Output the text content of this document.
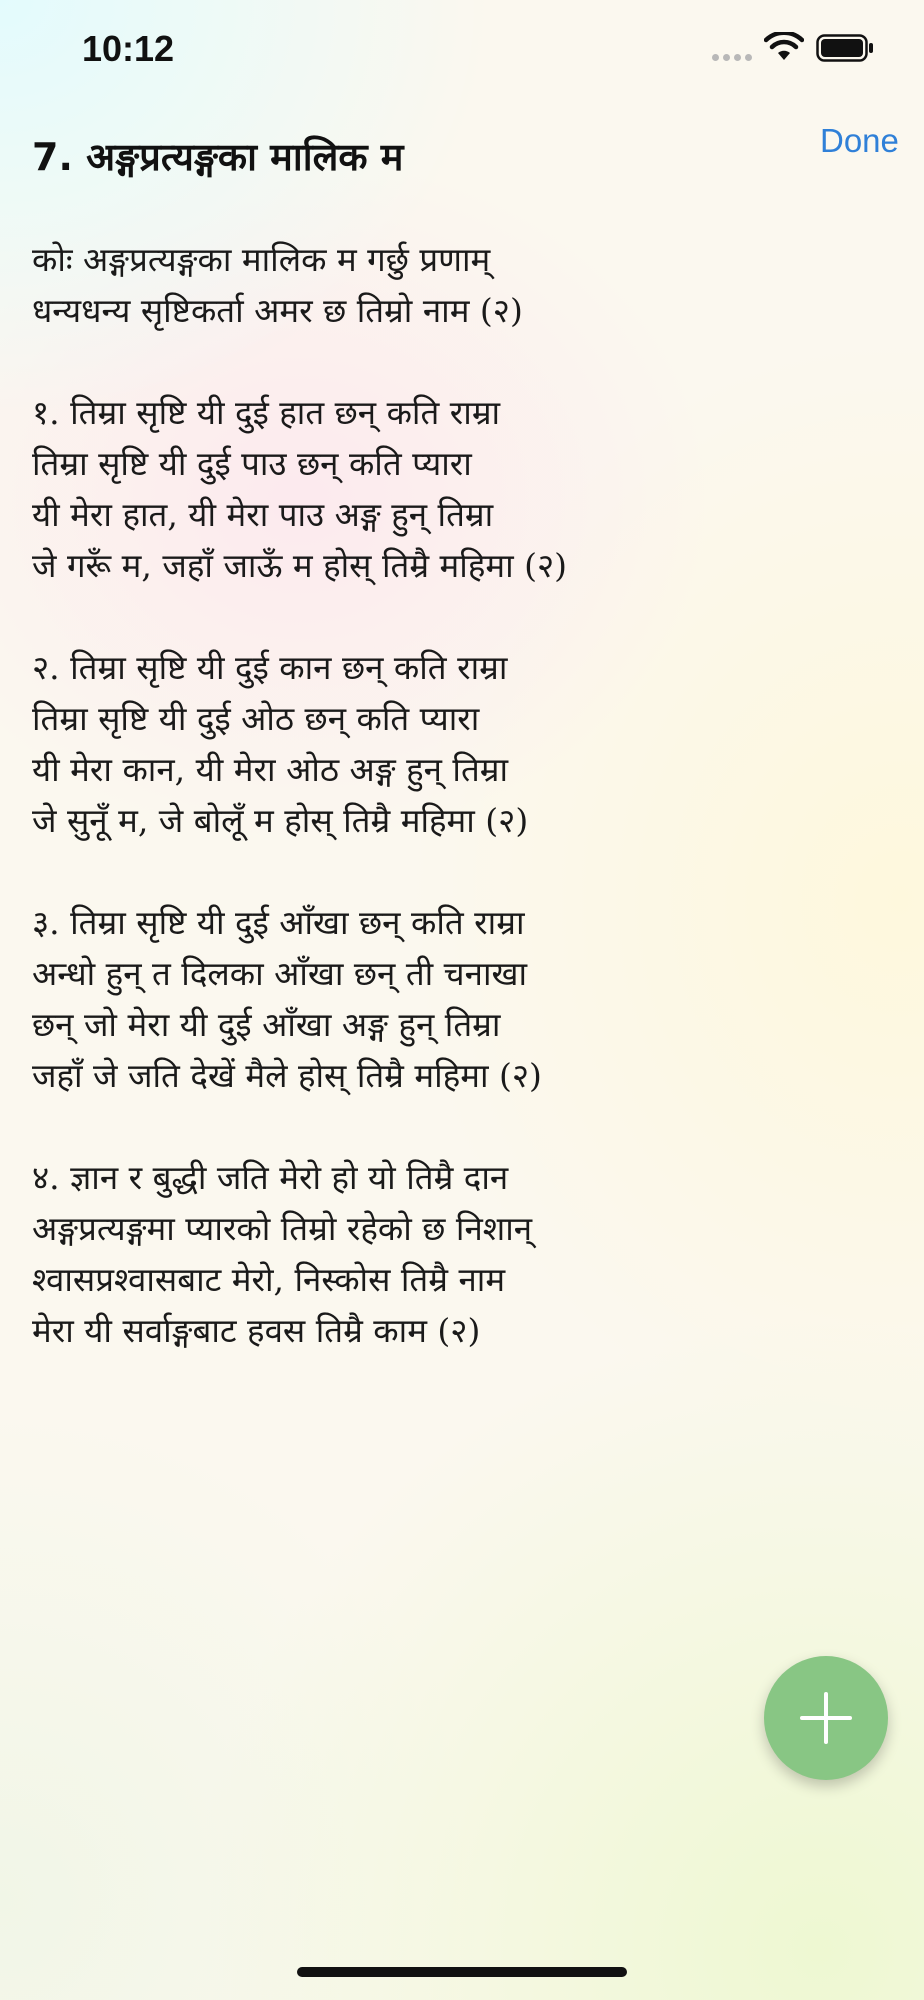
10:12
7. अङ्गप्रत्यङ्गका मालिक म	Done
कोः अङ्गप्रत्यङ्गका मालिक म गर्छु प्रणाम्
धन्यधन्य सृष्टिकर्ता अमर छ तिम्रो नाम (२)
१. तिम्रा सृष्टि यी दुई हात छन् कति राम्रा
तिम्रा सृष्टि यी दुई पाउ छन् कति प्यारा
यी मेरा हात, यी मेरा पाउ अङ्ग हुन् तिम्रा
जे गरूँ म, जहाँ जाऊँ म होस् तिम्रै महिमा (२)
२. तिम्रा सृष्टि यी दुई कान छन् कति राम्रा
तिम्रा सृष्टि यी दुई ओठ छन् कति प्यारा
यी मेरा कान, यी मेरा ओठ अङ्ग हुन् तिम्रा
जे सुनूँ म, जे बोलूँ म होस् तिम्रै महिमा (२)
३. तिम्रा सृष्टि यी दुई आँखा छन् कति राम्रा
अन्धो हुन् त दिलका आँखा छन् ती चनाखा
छन् जो मेरा यी दुई आँखा अङ्ग हुन् तिम्रा
जहाँ जे जति देखें मैले होस् तिम्रै महिमा (२)
४. ज्ञान र बुद्धी जति मेरो हो यो तिम्रै दान
अङ्गप्रत्यङ्गमा प्यारको तिम्रो रहेको छ निशान्
श्वासप्रश्वासबाट मेरो, निस्कोस तिम्रै नाम
मेरा यी सर्वाङ्गबाट हवस तिम्रै काम (२)
